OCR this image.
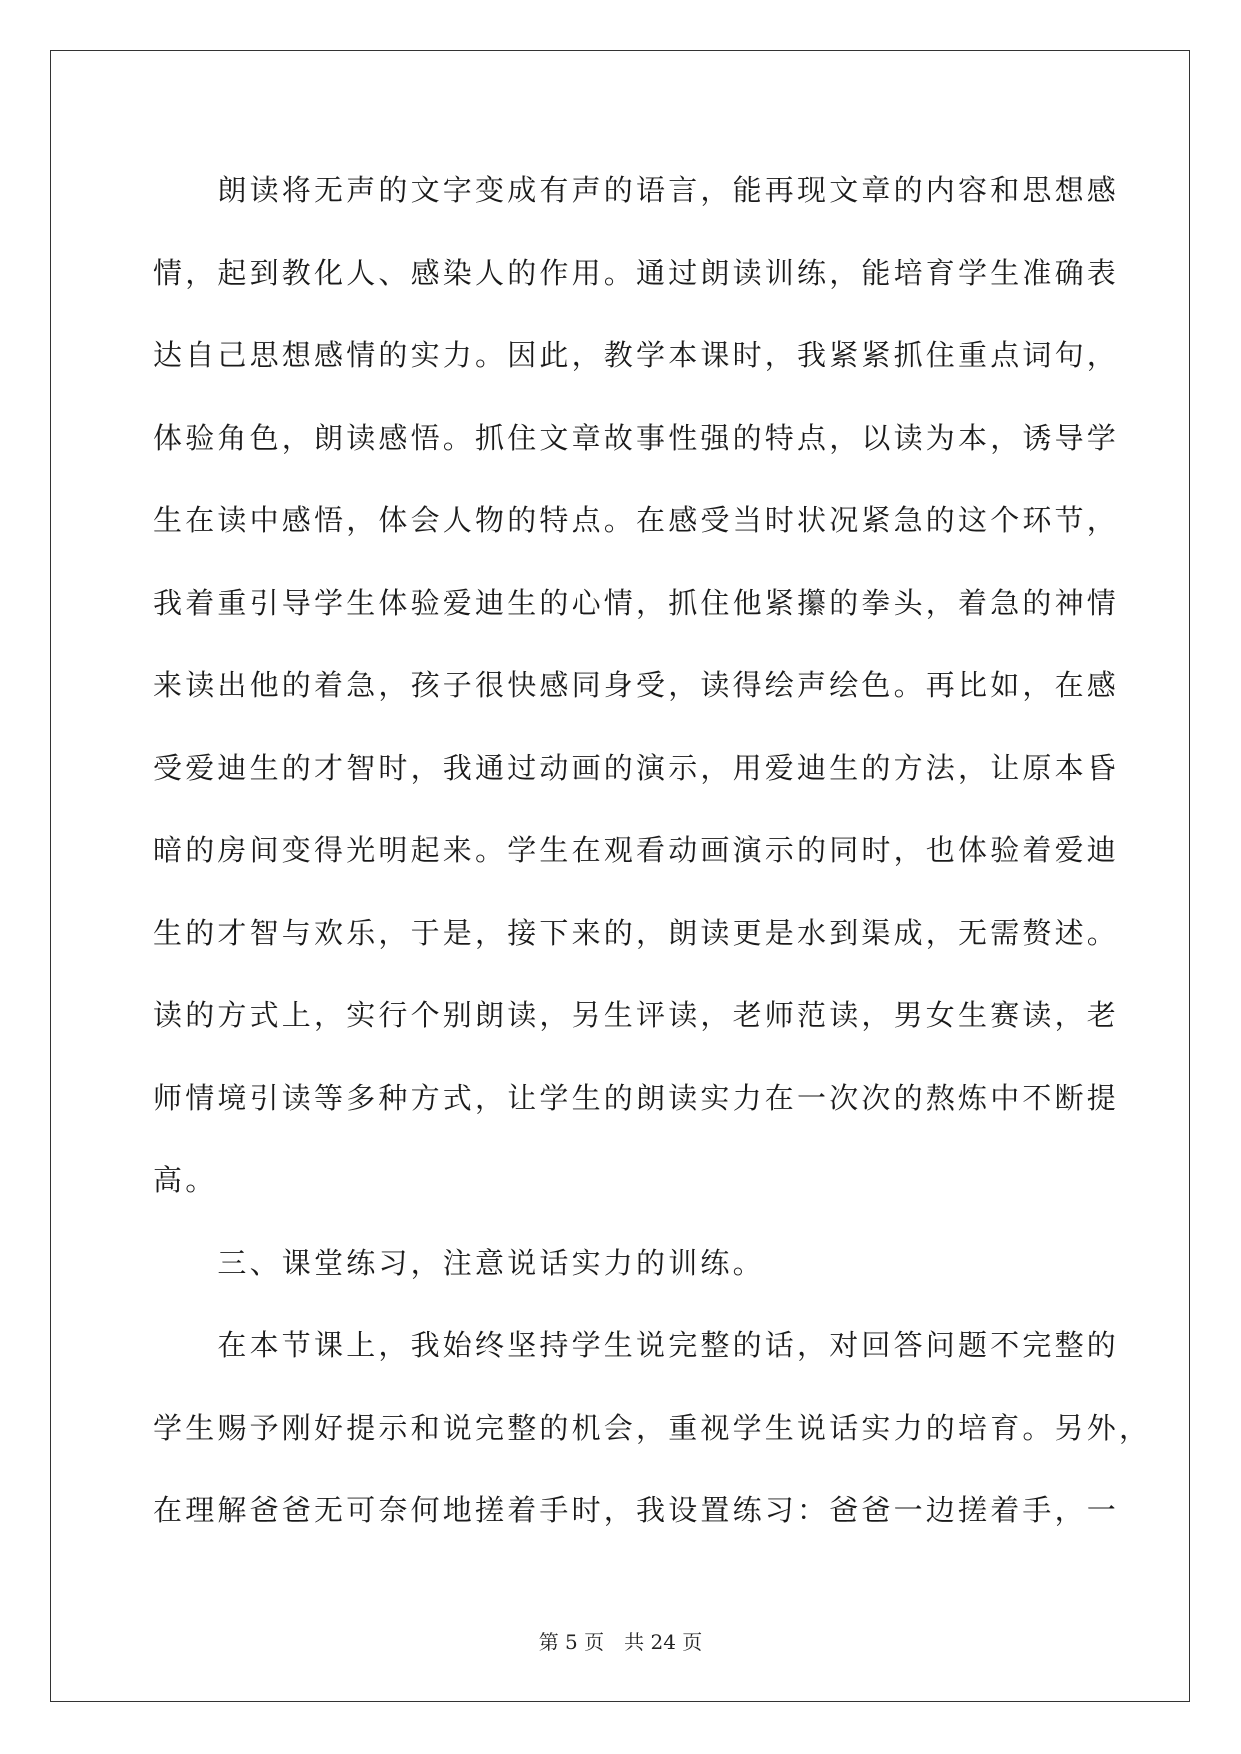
　　朗读将无声的文字变成有声的语言，能再现文章的内容和思想感
情，起到教化人、感染人的作用。通过朗读训练，能培育学生准确表
达自己思想感情的实力。因此，教学本课时，我紧紧抓住重点词句，
体验角色，朗读感悟。抓住文章故事性强的特点，以读为本，诱导学
生在读中感悟，体会人物的特点。在感受当时状况紧急的这个环节，
我着重引导学生体验爱迪生的心情，抓住他紧攥的拳头，着急的神情
来读出他的着急，孩子很快感同身受，读得绘声绘色。再比如，在感
受爱迪生的才智时，我通过动画的演示，用爱迪生的方法，让原本昏
暗的房间变得光明起来。学生在观看动画演示的同时，也体验着爱迪
生的才智与欢乐，于是，接下来的，朗读更是水到渠成，无需赘述。
读的方式上，实行个别朗读，另生评读，老师范读，男女生赛读，老
师情境引读等多种方式，让学生的朗读实力在一次次的熬炼中不断提
高。
　　三、课堂练习，注意说话实力的训练。
　　在本节课上，我始终坚持学生说完整的话，对回答问题不完整的
学生赐予刚好提示和说完整的机会，重视学生说话实力的培育。另外，
在理解爸爸无可奈何地搓着手时，我设置练习：爸爸一边搓着手，一
第 5 页 共 24 页
